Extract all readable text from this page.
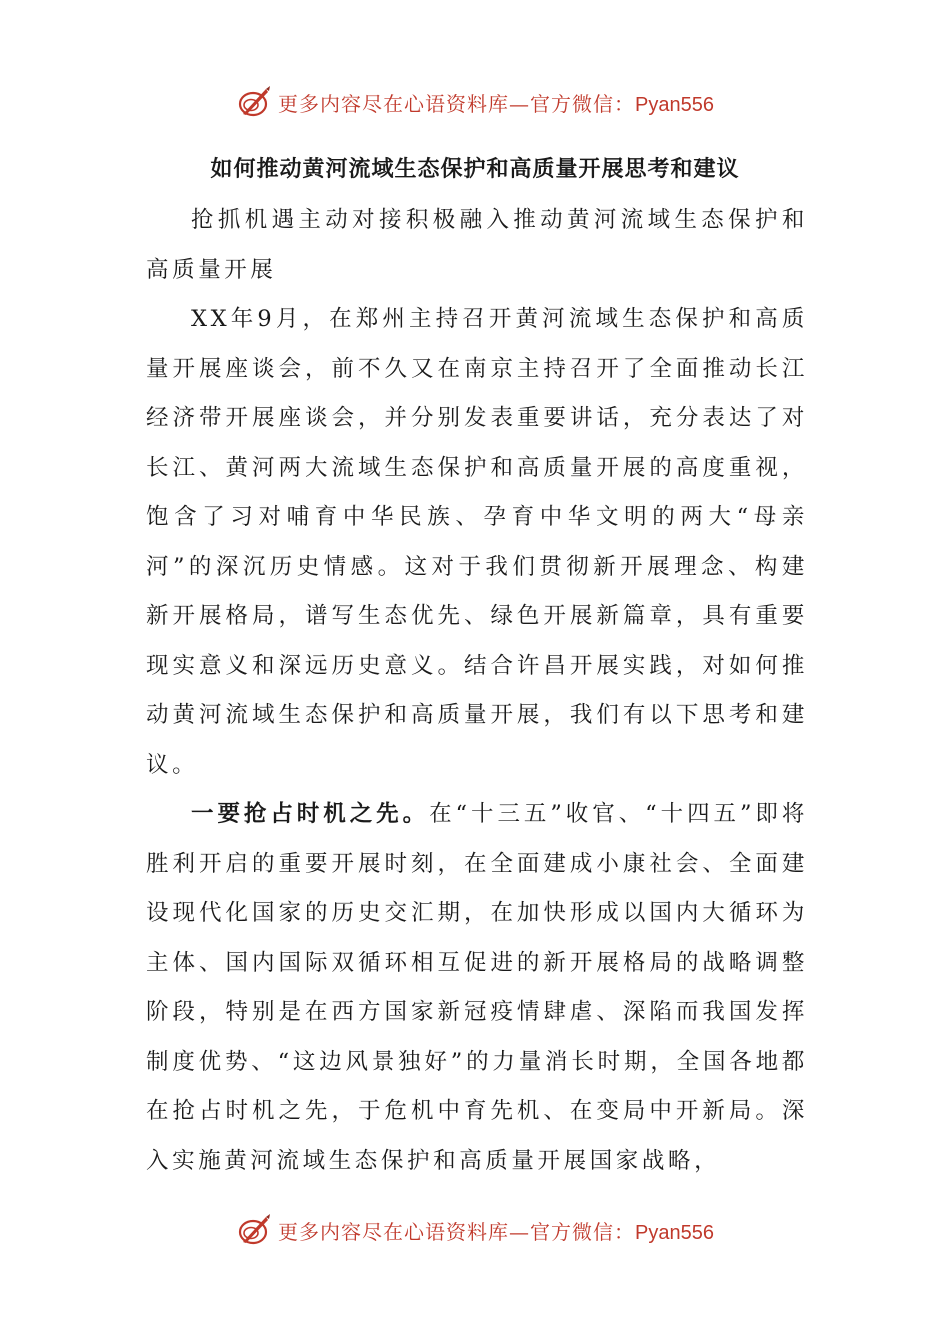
更多内容尽在心语资料库—官方微信：Pyan556
如何推动黄河流域生态保护和高质量开展思考和建议

抢抓机遇主动对接积极融入推动黄河流域生态保护和高质量开展

XX年9月，在郑州主持召开黄河流域生态保护和高质量开展座谈会，前不久又在南京主持召开了全面推动长江经济带开展座谈会，并分别发表重要讲话，充分表达了对长江、黄河两大流域生态保护和高质量开展的高度重视，饱含了习对哺育中华民族、孕育中华文明的两大“母亲河”的深沉历史情感。这对于我们贯彻新开展理念、构建新开展格局，谱写生态优先、绿色开展新篇章，具有重要现实意义和深远历史意义。结合许昌开展实践，对如何推动黄河流域生态保护和高质量开展，我们有以下思考和建议。

一要抢占时机之先。在“十三五”收官、“十四五”即将胜利开启的重要开展时刻，在全面建成小康社会、全面建设现代化国家的历史交汇期，在加快形成以国内大循环为主体、国内国际双循环相互促进的新开展格局的战略调整阶段，特别是在西方国家新冠疫情肆虐、深陷而我国发挥制度优势、“这边风景独好”的力量消长时期，全国各地都在抢占时机之先，于危机中育先机、在变局中开新局。深入实施黄河流域生态保护和高质量开展国家战略，

更多内容尽在心语资料库—官方微信：Pyan556
